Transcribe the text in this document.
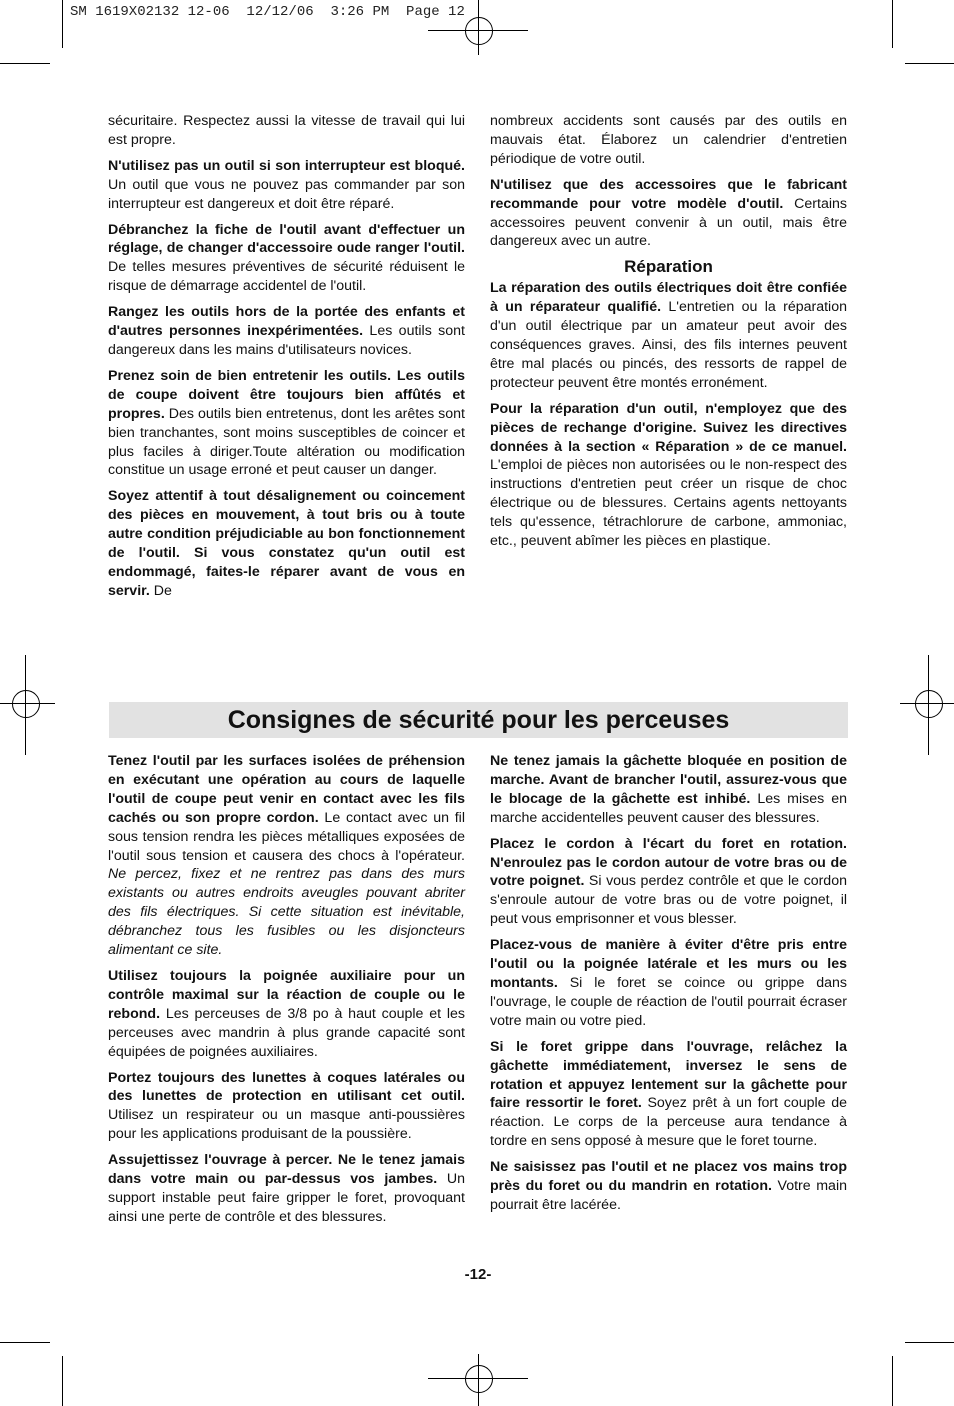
SM 1619X02132 12-06  12/12/06  3:26 PM  Page 12

sécuritaire. Respectez aussi la vitesse de travail qui lui est propre.

N'utilisez pas un outil si son interrupteur est bloqué. Un outil que vous ne pouvez pas commander par son interrupteur est dangereux et doit être réparé.

Débranchez la fiche de l'outil avant d'effectuer un réglage, de changer d'accessoire oude ranger l'outil. De telles mesures préventives de sécurité réduisent le risque de démarrage accidentel de l'outil.

Rangez les outils hors de la portée des enfants et d'autres personnes inexpérimentées. Les outils sont dangereux dans les mains d'utilisateurs novices.

Prenez soin de bien entretenir les outils. Les outils de coupe doivent être toujours bien affûtés et propres. Des outils bien entretenus, dont les arêtes sont bien tranchantes, sont moins susceptibles de coincer et plus faciles à diriger.Toute altération ou modification constitue un usage erroné et peut causer un danger.

Soyez attentif à tout désalignement ou coincement des pièces en mouvement, à tout bris ou à toute autre condition préjudiciable au bon fonctionnement de l'outil. Si vous constatez qu'un outil est endommagé, faites-le réparer avant de vous en servir. De

nombreux accidents sont causés par des outils en mauvais état. Élaborez un calendrier d'entretien périodique de votre outil.

N'utilisez que des accessoires que le fabricant recommande pour votre modèle d'outil. Certains accessoires peuvent convenir à un outil, mais être dangereux avec un autre.

Réparation

La réparation des outils électriques doit être confiée à un réparateur qualifié. L'entretien ou la réparation d'un outil électrique par un amateur peut avoir des conséquences graves. Ainsi, des fils internes peuvent être mal placés ou pincés, des ressorts de rappel de protecteur peuvent être montés erronément.

Pour la réparation d'un outil, n'employez que des pièces de rechange d'origine. Suivez les directives données à la section « Réparation » de ce manuel. L'emploi de pièces non autorisées ou le non-respect des instructions d'entretien peut créer un risque de choc électrique ou de blessures. Certains agents nettoyants tels qu'essence, tétrachlorure de carbone, ammoniac, etc., peuvent abîmer les pièces en plastique.

Consignes de sécurité pour les perceuses

Tenez l'outil par les surfaces isolées de préhension en exécutant une opération au cours de laquelle l'outil de coupe peut venir en contact avec les fils cachés ou son propre cordon. Le contact avec un fil sous tension rendra les pièces métalliques exposées de l'outil sous tension et causera des chocs à l'opérateur. Ne percez, fixez et ne rentrez pas dans des murs existants ou autres endroits aveugles pouvant abriter des fils électriques. Si cette situation est inévitable, débranchez tous les fusibles ou les disjoncteurs alimentant ce site.

Utilisez toujours la poignée auxiliaire pour un contrôle maximal sur la réaction de couple ou le rebond. Les perceuses de 3/8 po à haut couple et les perceuses avec mandrin à plus grande capacité sont équipées de poignées auxiliaires.

Portez toujours des lunettes à coques latérales ou des lunettes de protection en utilisant cet outil. Utilisez un respirateur ou un masque anti-poussières pour les applications produisant de la poussière.

Assujettissez l'ouvrage à percer. Ne le tenez jamais dans votre main ou par-dessus vos jambes. Un support instable peut faire gripper le foret, provoquant ainsi une perte de contrôle et des blessures.

Ne tenez jamais la gâchette bloquée en position de marche. Avant de brancher l'outil, assurez-vous que le blocage de la gâchette est inhibé. Les mises en marche accidentelles peuvent causer des blessures.

Placez le cordon à l'écart du foret en rotation. N'enroulez pas le cordon autour de votre bras ou de votre poignet. Si vous perdez contrôle et que le cordon s'enroule autour de votre bras ou de votre poignet, il peut vous emprisonner et vous blesser.

Placez-vous de manière à éviter d'être pris entre l'outil ou la poignée latérale et les murs ou les montants. Si le foret se coince ou grippe dans l'ouvrage, le couple de réaction de l'outil pourrait écraser votre main ou votre pied.

Si le foret grippe dans l'ouvrage, relâchez la gâchette immédiatement, inversez le sens de rotation et appuyez lentement sur la gâchette pour faire ressortir le foret. Soyez prêt à un fort couple de réaction. Le corps de la perceuse aura tendance à tordre en sens opposé à mesure que le foret tourne.

Ne saisissez pas l'outil et ne placez vos mains trop près du foret ou du mandrin en rotation. Votre main pourrait être lacérée.

-12-
